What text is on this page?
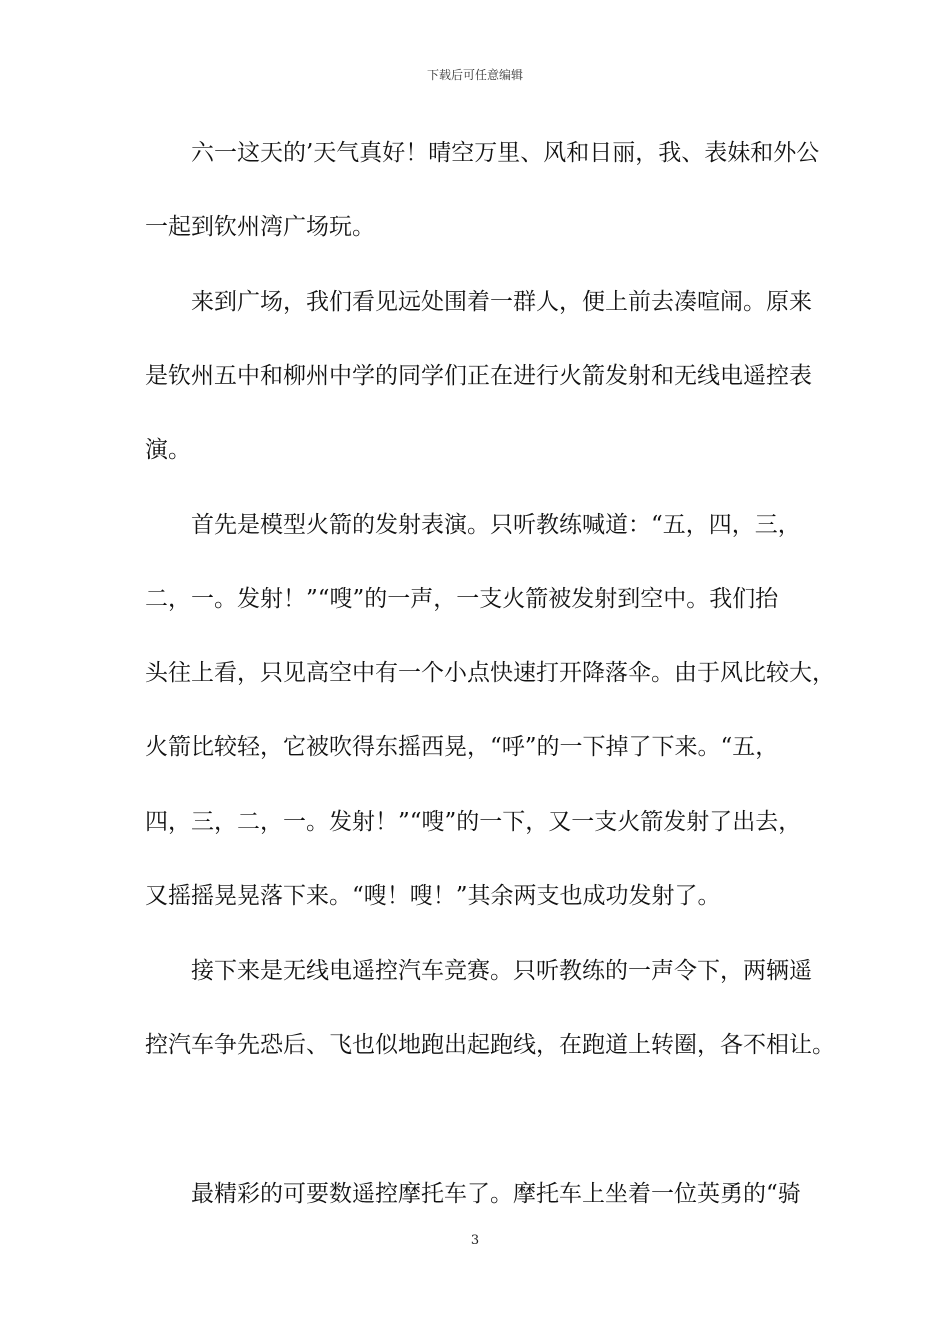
下载后可任意编辑
六一这天的’天气真好！晴空万里、风和日丽，我、表妹和外公
一起到钦州湾广场玩。
来到广场，我们看见远处围着一群人，便上前去凑喧闹。原来
是钦州五中和柳州中学的同学们正在进行火箭发射和无线电遥控表
演。
首先是模型火箭的发射表演。只听教练喊道：“五，四，三，
二，一。发射！”“嗖”的一声，一支火箭被发射到空中。我们抬
头往上看，只见高空中有一个小点快速打开降落伞。由于风比较大，
火箭比较轻，它被吹得东摇西晃，“呼”的一下掉了下来。“五，
四，三，二，一。发射！”“嗖”的一下，又一支火箭发射了出去，
又摇摇晃晃落下来。“嗖！嗖！”其余两支也成功发射了。
接下来是无线电遥控汽车竞赛。只听教练的一声令下，两辆遥
控汽车争先恐后、飞也似地跑出起跑线，在跑道上转圈，各不相让。
最精彩的可要数遥控摩托车了。摩托车上坐着一位英勇的“骑
3
